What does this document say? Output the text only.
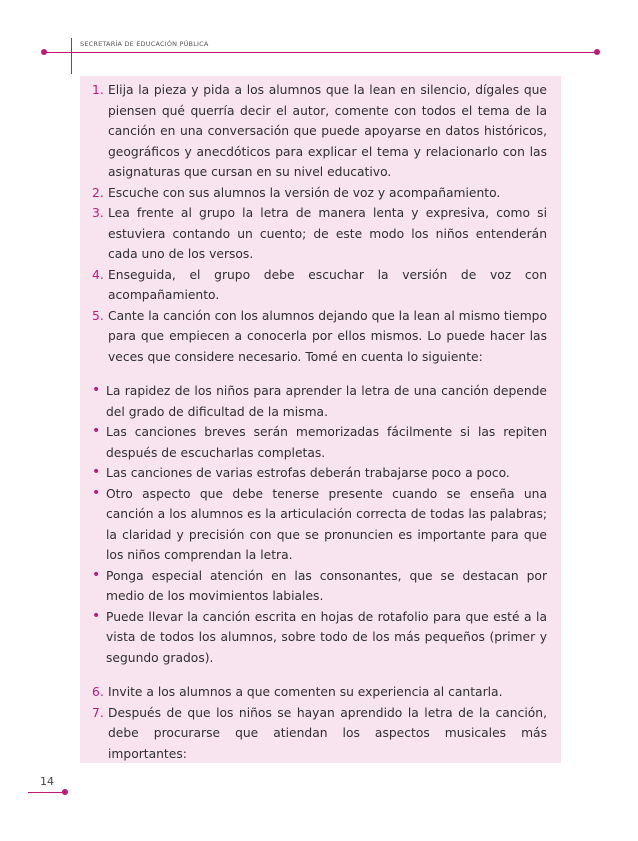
SECRETARÍA DE EDUCACIÓN PÚBLICA
1. Elija la pieza y pida a los alumnos que la lean en silencio, dígales que piensen qué querría decir el autor, comente con todos el tema de la canción en una conversación que puede apoyarse en datos históricos, geográficos y anecdóticos para explicar el tema y relacionarlo con las asignaturas que cursan en su nivel educativo.
2. Escuche con sus alumnos la versión de voz y acompañamiento.
3. Lea frente al grupo la letra de manera lenta y expresiva, como si estuviera contando un cuento; de este modo los niños entenderán cada uno de los versos.
4. Enseguida, el grupo debe escuchar la versión de voz con acompañamiento.
5. Cante la canción con los alumnos dejando que la lean al mismo tiempo para que empiecen a conocerla por ellos mismos. Lo puede hacer las veces que considere necesario. Tomé en cuenta lo siguiente:
• La rapidez de los niños para aprender la letra de una canción depende del grado de dificultad de la misma.
• Las canciones breves serán memorizadas fácilmente si las repiten después de escucharlas completas.
• Las canciones de varias estrofas deberán trabajarse poco a poco.
• Otro aspecto que debe tenerse presente cuando se enseña una canción a los alumnos es la articulación correcta de todas las palabras; la claridad y precisión con que se pronuncien es importante para que los niños comprendan la letra.
• Ponga especial atención en las consonantes, que se destacan por medio de los movimientos labiales.
• Puede llevar la canción escrita en hojas de rotafolio para que esté a la vista de todos los alumnos, sobre todo de los más pequeños (primer y segundo grados).
6. Invite a los alumnos a que comenten su experiencia al cantarla.
7. Después de que los niños se hayan aprendido la letra de la canción, debe procurarse que atiendan los aspectos musicales más importantes:
14
